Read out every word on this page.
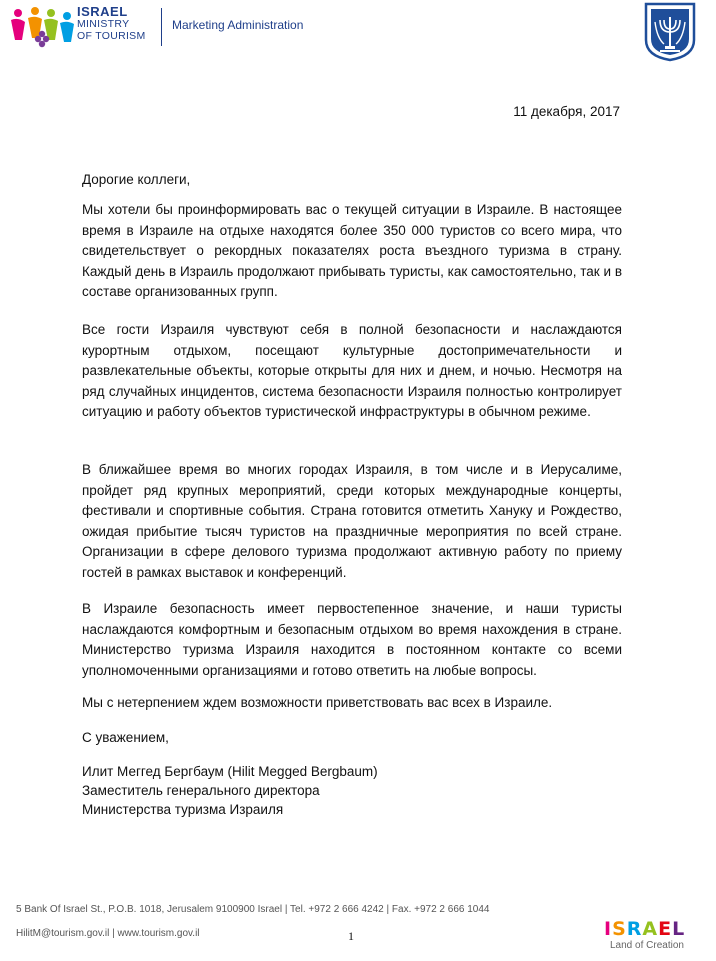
ISRAEL
MINISTRY
OF TOURISM
Marketing Administration
11 декабря, 2017
Дорогие коллеги,

Мы хотели бы проинформировать вас о текущей ситуации в Израиле. В настоящее время в Израиле на отдыхе находятся более 350 000 туристов со всего мира, что свидетельствует о рекордных показателях роста въездного туризма в страну. Каждый день в Израиль продолжают прибывать туристы, как самостоятельно, так и в составе организованных групп.

Все гости Израиля чувствуют себя в полной безопасности и наслаждаются курортным отдыхом, посещают культурные достопримечательности и развлекательные объекты, которые открыты для них и днем, и ночью. Несмотря на ряд случайных инцидентов, система безопасности Израиля полностью контролирует ситуацию и работу объектов туристической инфраструктуры в обычном режиме.

В ближайшее время во многих городах Израиля, в том числе и в Иерусалиме, пройдет ряд крупных мероприятий, среди которых международные концерты, фестивали и спортивные события. Страна готовится отметить Хануку и Рождество, ожидая прибытие тысяч туристов на праздничные мероприятия по всей стране. Организации в сфере делового туризма продолжают активную работу по приему гостей в рамках выставок и конференций.

В Израиле безопасность имеет первостепенное значение, и наши туристы наслаждаются комфортным и безопасным отдыхом во время нахождения в стране. Министерство туризма Израиля находится в постоянном контакте со всеми уполномоченными организациями и готово ответить на любые вопросы.

Мы с нетерпением ждем возможности приветствовать вас всех в Израиле.

С уважением,
Илит Меггед Бергбаум (Hilit Megged Bergbaum)
Заместитель генерального директора
Министерства туризма Израиля
5 Bank Of Israel St., P.O.B. 1018, Jerusalem 9100900 Israel | Tel. +972 2 666 4242 | Fax. +972 2 666 1044
HilitM@tourism.gov.il | www.tourism.gov.il	1	ISRAEL
Land of Creation
